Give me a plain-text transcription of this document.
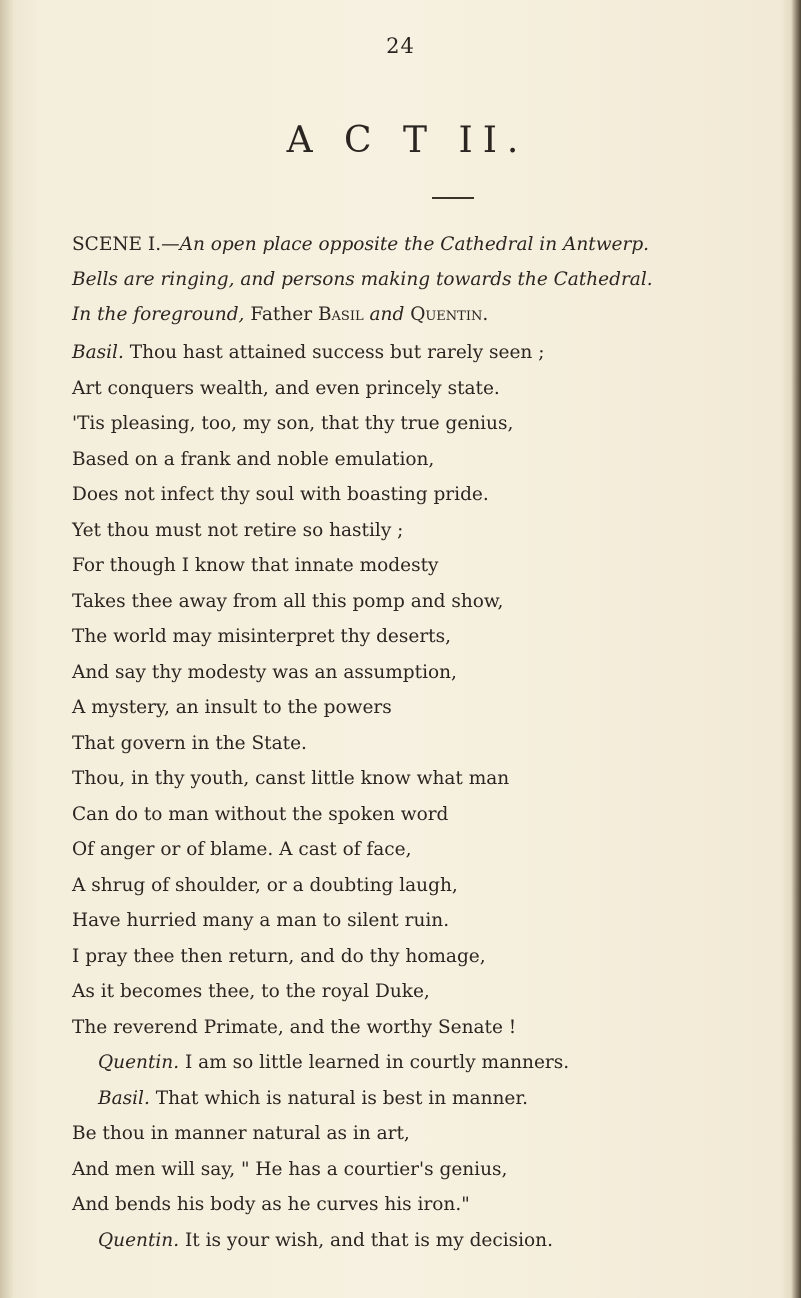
24
A C T II.
SCENE I.—An open place opposite the Cathedral in Antwerp.
Bells are ringing, and persons making towards the Cathedral.
In the foreground, Father Basil and Quentin.
Basil. Thou hast attained success but rarely seen ;
Art conquers wealth, and even princely state.
'Tis pleasing, too, my son, that thy true genius,
Based on a frank and noble emulation,
Does not infect thy soul with boasting pride.
Yet thou must not retire so hastily ;
For though I know that innate modesty
Takes thee away from all this pomp and show,
The world may misinterpret thy deserts,
And say thy modesty was an assumption,
A mystery, an insult to the powers
That govern in the State.
Thou, in thy youth, canst little know what man
Can do to man without the spoken word
Of anger or of blame. A cast of face,
A shrug of shoulder, or a doubting laugh,
Have hurried many a man to silent ruin.
I pray thee then return, and do thy homage,
As it becomes thee, to the royal Duke,
The reverend Primate, and the worthy Senate !
Quentin. I am so little learned in courtly manners.
Basil. That which is natural is best in manner.
Be thou in manner natural as in art,
And men will say, " He has a courtier's genius,
And bends his body as he curves his iron."
Quentin. It is your wish, and that is my decision.
